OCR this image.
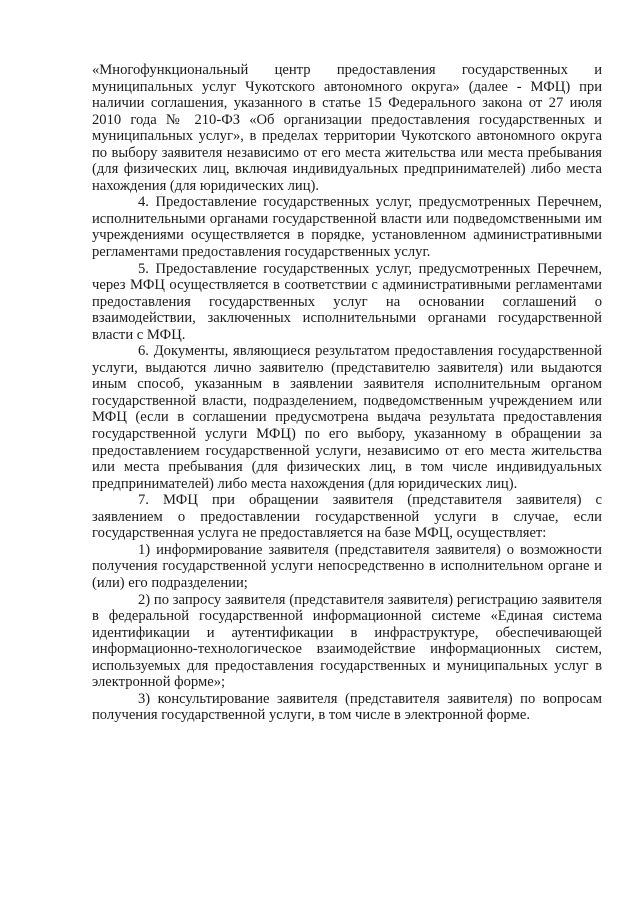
«Многофункциональный центр предоставления государственных и муниципальных услуг Чукотского автономного округа» (далее - МФЦ) при наличии соглашения, указанного в статье 15 Федерального закона от 27 июля 2010 года № 210-ФЗ «Об организации предоставления государственных и муниципальных услуг», в пределах территории Чукотского автономного округа по выбору заявителя независимо от его места жительства или места пребывания (для физических лиц, включая индивидуальных предпринимателей) либо места нахождения (для юридических лиц).

4. Предоставление государственных услуг, предусмотренных Перечнем, исполнительными органами государственной власти или подведомственными им учреждениями осуществляется в порядке, установленном административными регламентами предоставления государственных услуг.

5. Предоставление государственных услуг, предусмотренных Перечнем, через МФЦ осуществляется в соответствии с административными регламентами предоставления государственных услуг на основании соглашений о взаимодействии, заключенных исполнительными органами государственной власти с МФЦ.

6. Документы, являющиеся результатом предоставления государственной услуги, выдаются лично заявителю (представителю заявителя) или выдаются иным способ, указанным в заявлении заявителя исполнительным органом государственной власти, подразделением, подведомственным учреждением или МФЦ (если в соглашении предусмотрена выдача результата предоставления государственной услуги МФЦ) по его выбору, указанному в обращении за предоставлением государственной услуги, независимо от его места жительства или места пребывания (для физических лиц, в том числе индивидуальных предпринимателей) либо места нахождения (для юридических лиц).

7. МФЦ при обращении заявителя (представителя заявителя) с заявлением о предоставлении государственной услуги в случае, если государственная услуга не предоставляется на базе МФЦ, осуществляет:

1) информирование заявителя (представителя заявителя) о возможности получения государственной услуги непосредственно в исполнительном органе и (или) его подразделении;

2) по запросу заявителя (представителя заявителя) регистрацию заявителя в федеральной государственной информационной системе «Единая система идентификации и аутентификации в инфраструктуре, обеспечивающей информационно-технологическое взаимодействие информационных систем, используемых для предоставления государственных и муниципальных услуг в электронной форме»;

3) консультирование заявителя (представителя заявителя) по вопросам получения государственной услуги, в том числе в электронной форме.
